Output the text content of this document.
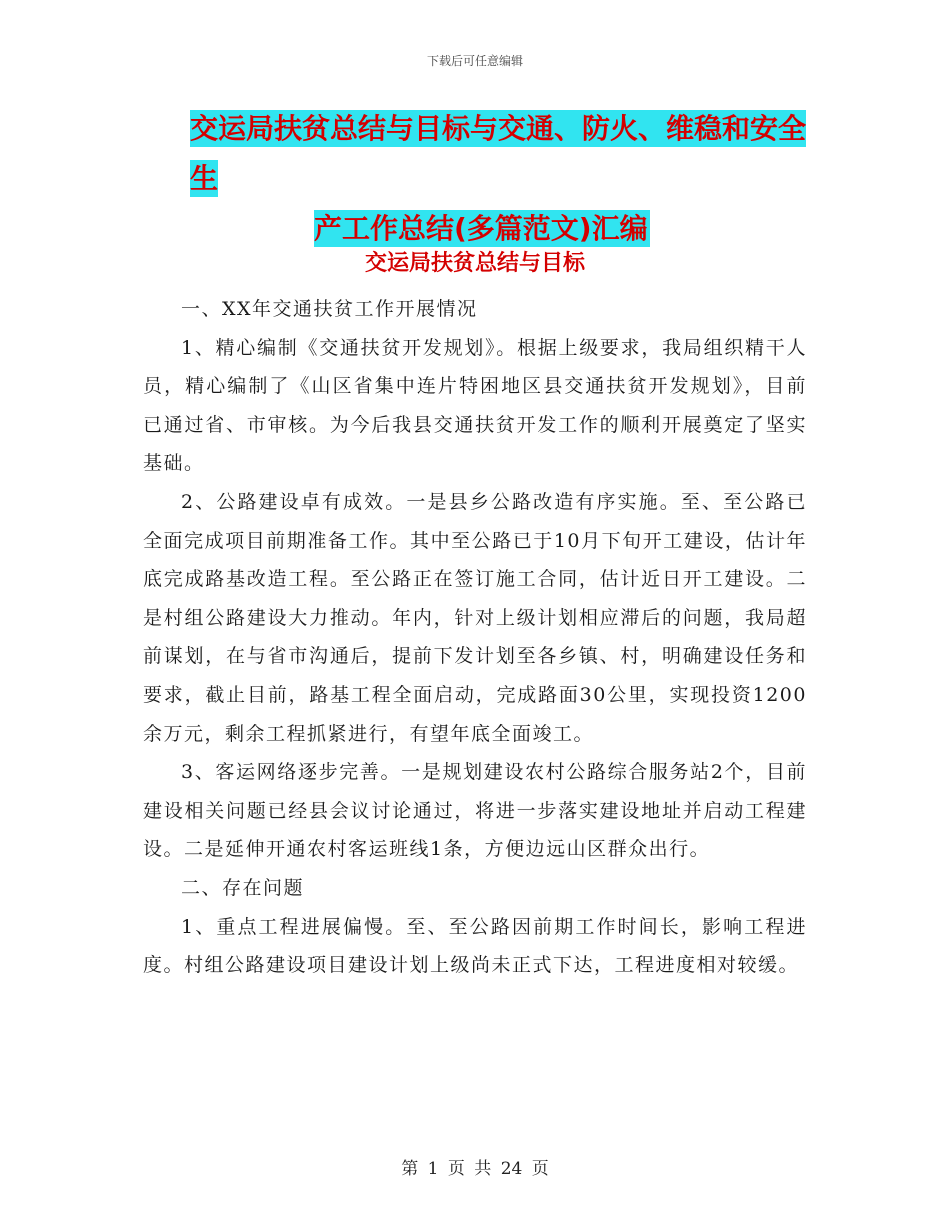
下载后可任意编辑
交运局扶贫总结与目标与交通、防火、维稳和安全生
产工作总结(多篇范文)汇编
交运局扶贫总结与目标

一、XX年交通扶贫工作开展情况

1、精心编制《交通扶贫开发规划》。根据上级要求，我局组织精干人员，精心编制了《山区省集中连片特困地区县交通扶贫开发规划》，目前已通过省、市审核。为今后我县交通扶贫开发工作的顺利开展奠定了坚实基础。

2、公路建设卓有成效。一是县乡公路改造有序实施。至、至公路已全面完成项目前期准备工作。其中至公路已于10月下旬开工建设，估计年底完成路基改造工程。至公路正在签订施工合同，估计近日开工建设。二是村组公路建设大力推动。年内，针对上级计划相应滞后的问题，我局超前谋划，在与省市沟通后，提前下发计划至各乡镇、村，明确建设任务和要求，截止目前，路基工程全面启动，完成路面30公里，实现投资1200余万元，剩余工程抓紧进行，有望年底全面竣工。

3、客运网络逐步完善。一是规划建设农村公路综合服务站2个，目前建设相关问题已经县会议讨论通过，将进一步落实建设地址并启动工程建设。二是延伸开通农村客运班线1条，方便边远山区群众出行。

二、存在问题

1、重点工程进展偏慢。至、至公路因前期工作时间长，影响工程进度。村组公路建设项目建设计划上级尚未正式下达，工程进度相对较缓。

第 1 页 共 24 页
